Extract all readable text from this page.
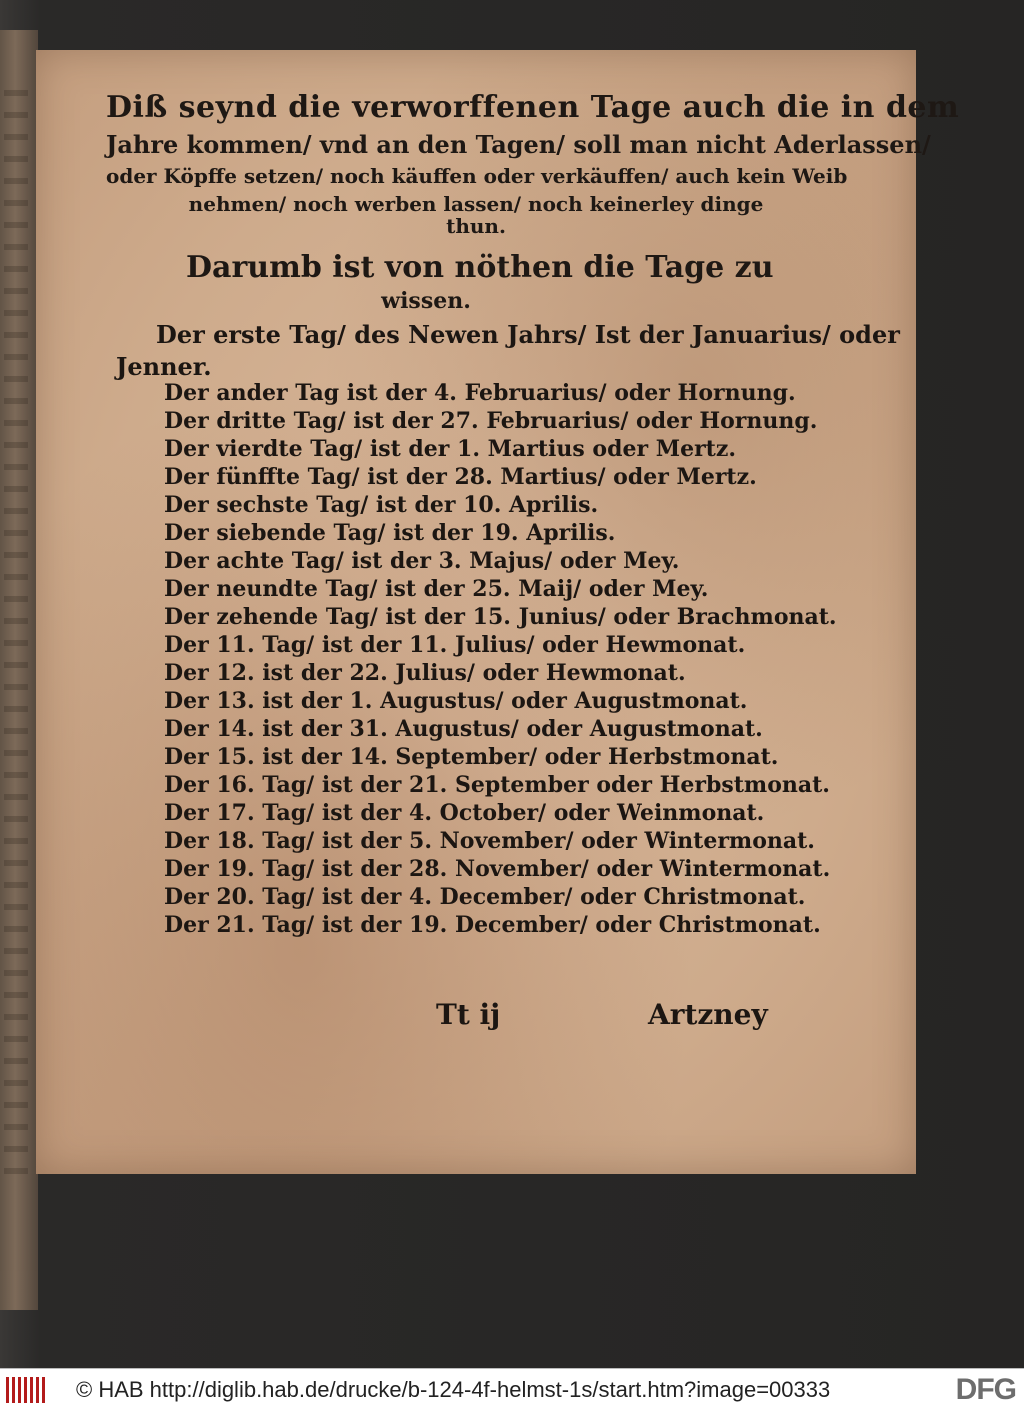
Diß seynd die verworffenen Tage auch die in dem
Jahre kommen/ vnd an den Tagen/ soll man nicht Aderlassen/
oder Köpffe setzen/ noch käuffen oder verkäuffen/ auch kein Weib
nehmen/ noch werben lassen/ noch keinerley dinge
thun.
Darumb ist von nöthen die Tage zu
wissen.
Der erste Tag/ des Newen Jahrs/ Ist der Januarius/ oder
Jenner.
Der ander Tag ist der 4. Februarius/ oder Hornung.
Der dritte Tag/ ist der 27. Februarius/ oder Hornung.
Der vierdte Tag/ ist der 1. Martius oder Mertz.
Der fünffte Tag/ ist der 28. Martius/ oder Mertz.
Der sechste Tag/ ist der 10. Aprilis.
Der siebende Tag/ ist der 19. Aprilis.
Der achte Tag/ ist der 3. Majus/ oder Mey.
Der neundte Tag/ ist der 25. Maij/ oder Mey.
Der zehende Tag/ ist der 15. Junius/ oder Brachmonat.
Der 11. Tag/ ist der 11. Julius/ oder Hewmonat.
Der 12. ist der 22. Julius/ oder Hewmonat.
Der 13. ist der 1. Augustus/ oder Augustmonat.
Der 14. ist der 31. Augustus/ oder Augustmonat.
Der 15. ist der 14. September/ oder Herbstmonat.
Der 16. Tag/ ist der 21. September oder Herbstmonat.
Der 17. Tag/ ist der 4. October/ oder Weinmonat.
Der 18. Tag/ ist der 5. November/ oder Wintermonat.
Der 19. Tag/ ist der 28. November/ oder Wintermonat.
Der 20. Tag/ ist der 4. December/ oder Christmonat.
Der 21. Tag/ ist der 19. December/ oder Christmonat.
Tt ij	Artzney
© HAB http://diglib.hab.de/drucke/b-124-4f-helmst-1s/start.htm?image=00333	DFG
